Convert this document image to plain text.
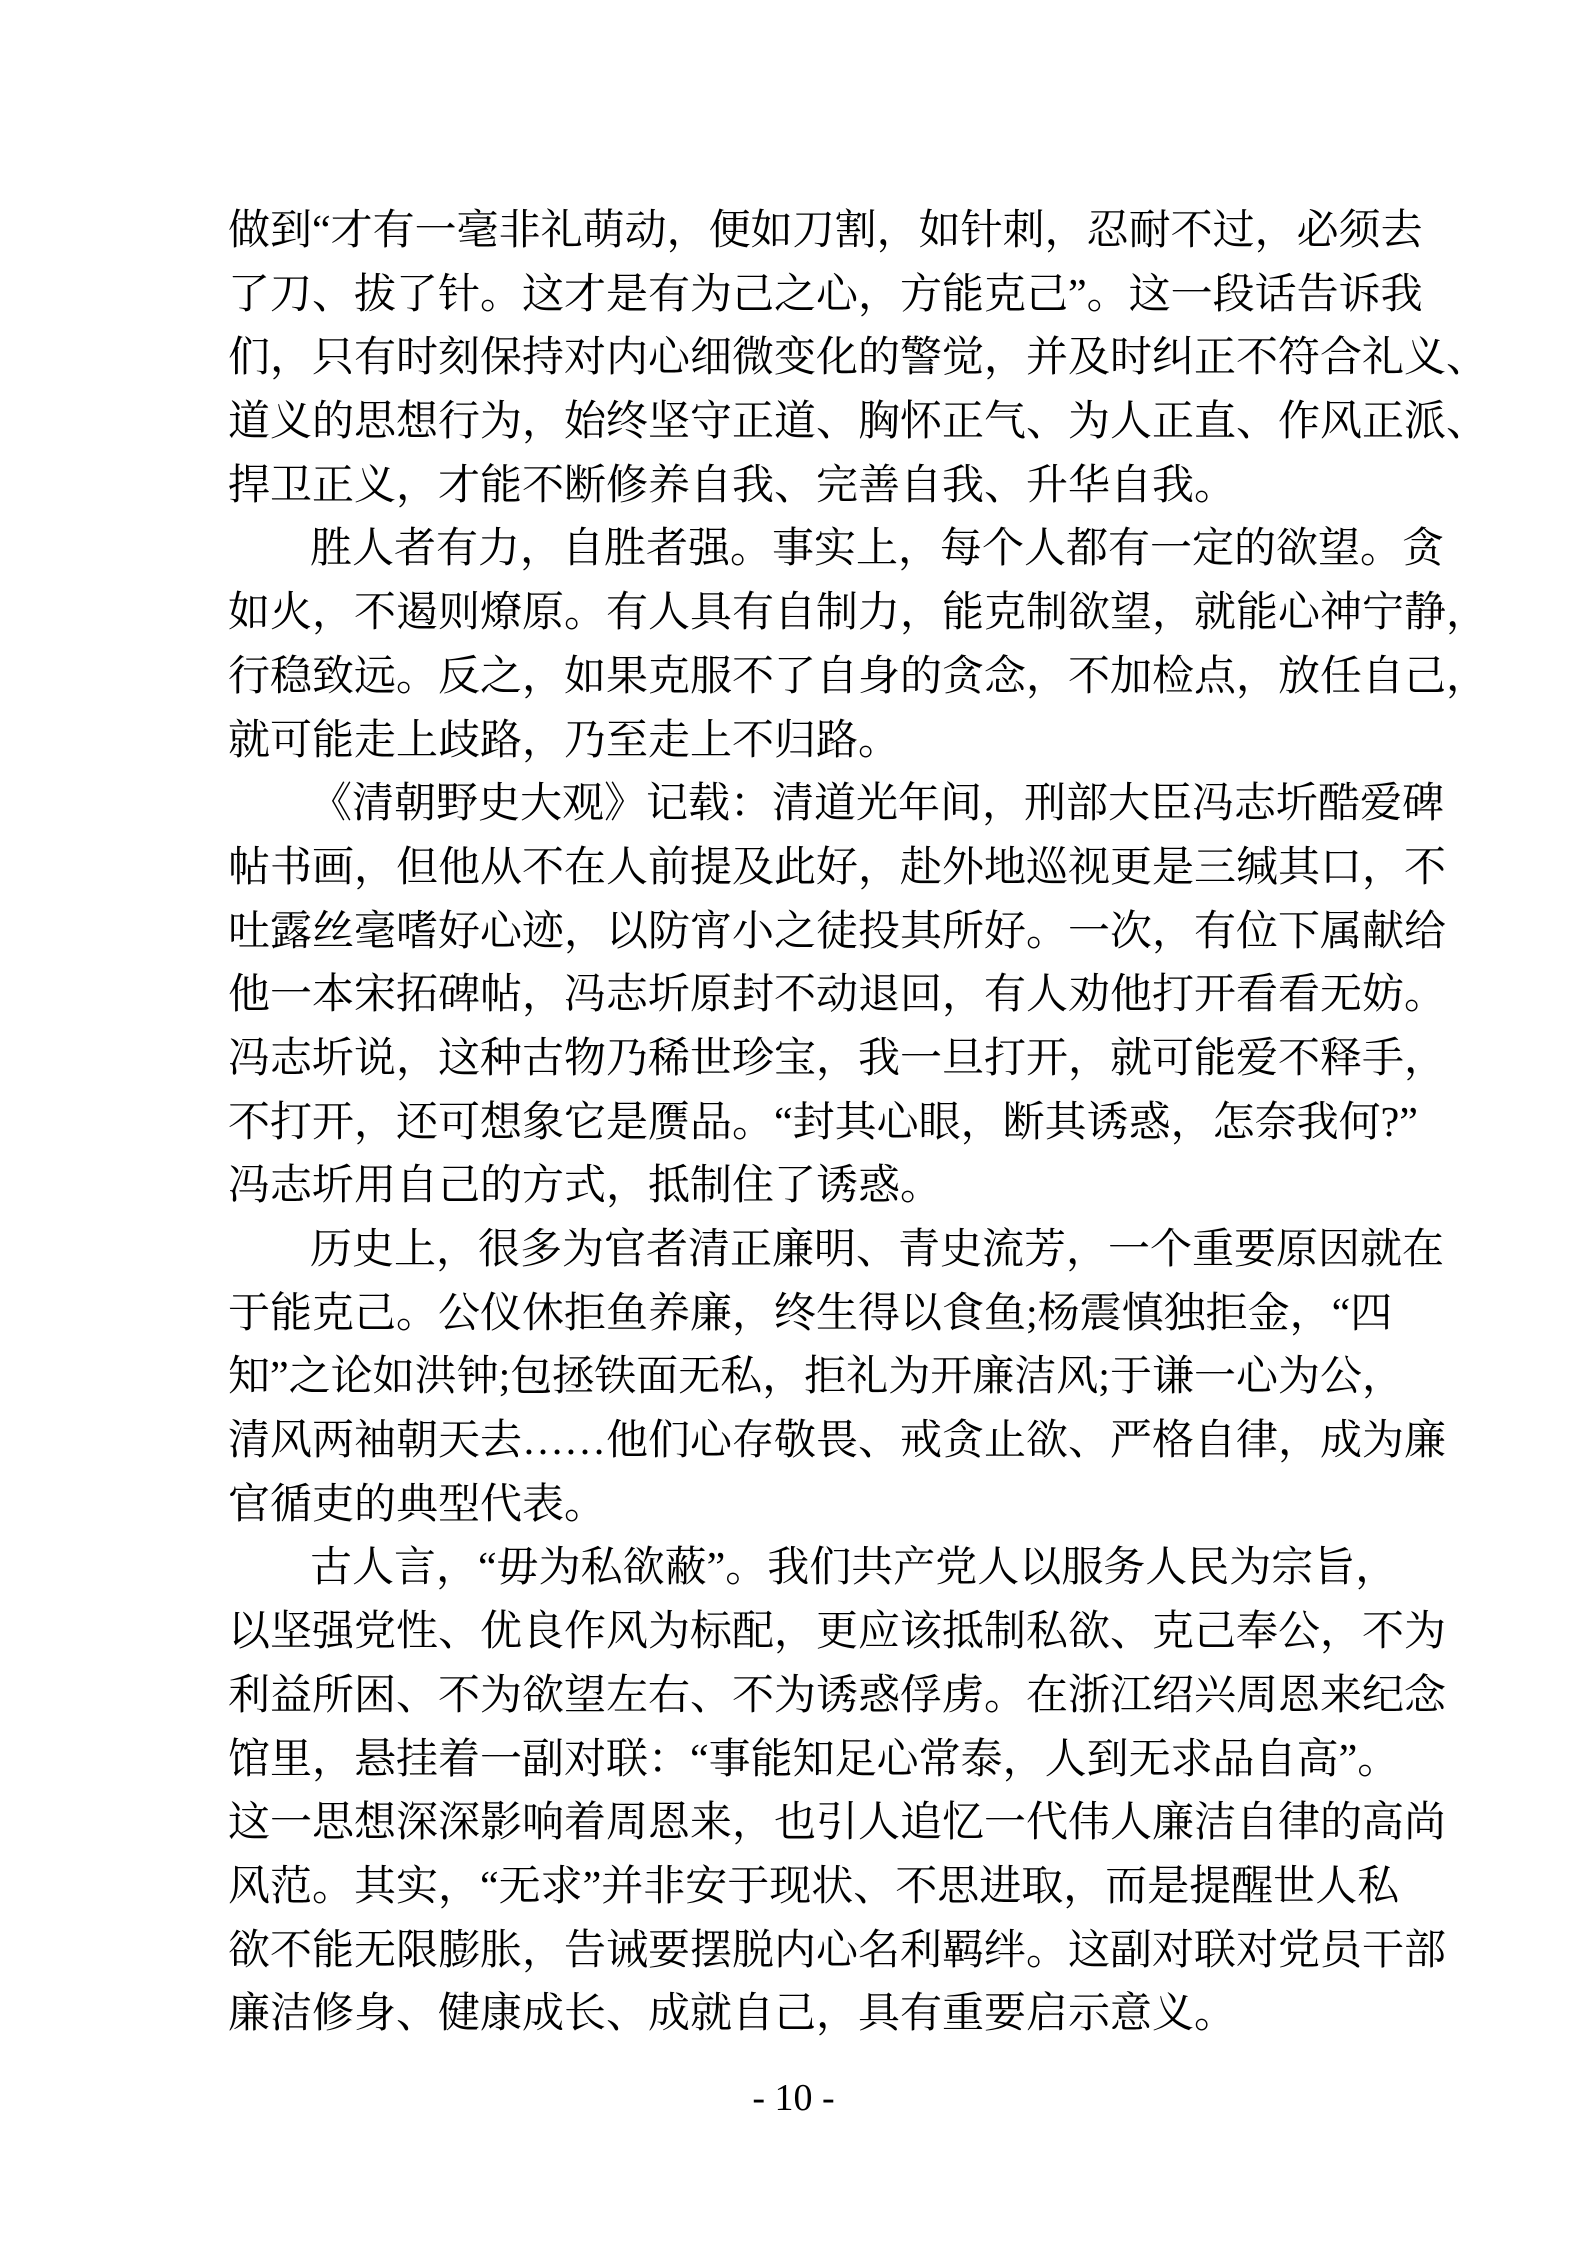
做到“才有一毫非礼萌动，便如刀割，如针刺，忍耐不过，必须去
了刀、拔了针。这才是有为己之心，方能克己”。这一段话告诉我
们，只有时刻保持对内心细微变化的警觉，并及时纠正不符合礼义、
道义的思想行为，始终坚守正道、胸怀正气、为人正直、作风正派、
捍卫正义，才能不断修养自我、完善自我、升华自我。
胜人者有力，自胜者强。事实上，每个人都有一定的欲望。贪
如火，不遏则燎原。有人具有自制力，能克制欲望，就能心神宁静，
行稳致远。反之，如果克服不了自身的贪念，不加检点，放任自己，
就可能走上歧路，乃至走上不归路。
《清朝野史大观》记载：清道光年间，刑部大臣冯志圻酷爱碑
帖书画，但他从不在人前提及此好，赴外地巡视更是三缄其口，不
吐露丝毫嗜好心迹，以防宵小之徒投其所好。一次，有位下属献给
他一本宋拓碑帖，冯志圻原封不动退回，有人劝他打开看看无妨。
冯志圻说，这种古物乃稀世珍宝，我一旦打开，就可能爱不释手，
不打开，还可想象它是赝品。“封其心眼，断其诱惑，怎奈我何?”
冯志圻用自己的方式，抵制住了诱惑。
历史上，很多为官者清正廉明、青史流芳，一个重要原因就在
于能克己。公仪休拒鱼养廉，终生得以食鱼;杨震慎独拒金，“四
知”之论如洪钟;包拯铁面无私，拒礼为开廉洁风;于谦一心为公，
清风两袖朝天去……他们心存敬畏、戒贪止欲、严格自律，成为廉
官循吏的典型代表。
古人言，“毋为私欲蔽”。我们共产党人以服务人民为宗旨，
以坚强党性、优良作风为标配，更应该抵制私欲、克己奉公，不为
利益所困、不为欲望左右、不为诱惑俘虏。在浙江绍兴周恩来纪念
馆里，悬挂着一副对联：“事能知足心常泰，人到无求品自高”。
这一思想深深影响着周恩来，也引人追忆一代伟人廉洁自律的高尚
风范。其实，“无求”并非安于现状、不思进取，而是提醒世人私
欲不能无限膨胀，告诫要摆脱内心名利羁绊。这副对联对党员干部
廉洁修身、健康成长、成就自己，具有重要启示意义。
- 10 -
